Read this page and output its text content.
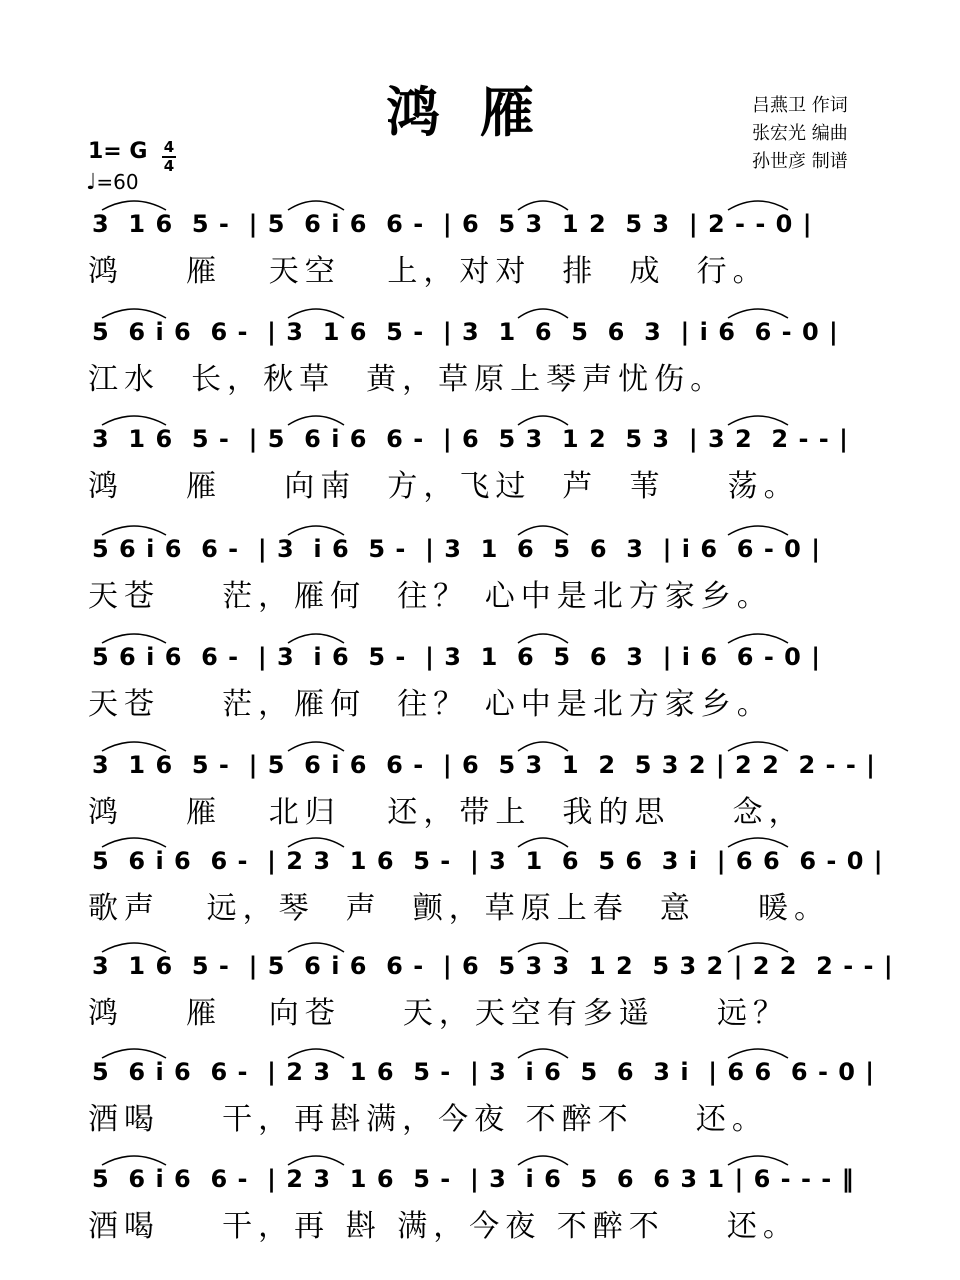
鸿雁	吕燕卫 作词
张宏光 编曲
孙世彦 制谱
1= G 4
4
♩=60
3  1 6  5 -  | 5  6 i 6  6 -  | 6  5 3  1 2  5 3  | 2 - - 0 |
鸿    雁   天空   上，对对  排  成  行。
5  6 i 6  6 -  | 3  1 6  5 -  | 3  1  6  5  6  3  | i 6  6 - 0 |
江水  长，秋草  黄，草原上琴声忧伤。
3  1 6  5 -  | 5  6 i 6  6 -  | 6  5 3  1 2  5 3  | 3 2  2 - - |
鸿    雁    向南  方，飞过  芦  苇    荡。
5 6 i 6  6 -  | 3  i 6  5 -  | 3  1  6  5  6  3  | i 6  6 - 0 |
天苍    茫，雁何  往？ 心中是北方家乡。
5 6 i 6  6 -  | 3  i 6  5 -  | 3  1  6  5  6  3  | i 6  6 - 0 |
天苍    茫，雁何  往？ 心中是北方家乡。
3  1 6  5 -  | 5  6 i 6  6 -  | 6  5 3  1  2  5 3 2 | 2 2  2 - - |
鸿    雁   北归   还，带上  我的思    念，
5  6 i 6  6 -  | 2 3  1 6  5 -  | 3  1  6  5 6  3 i  | 6 6  6 - 0 |
歌声   远，琴  声  颤，草原上春  意    暖。
3  1 6  5 -  | 5  6 i 6  6 -  | 6  5 3 3  1 2  5 3 2 | 2 2  2 - - |
鸿    雁   向苍    天，天空有多遥    远？
5  6 i 6  6 -  | 2 3  1 6  5 -  | 3  i 6  5  6  3 i  | 6 6  6 - 0 |
酒喝    干，再斟满，今夜 不醉不    还。
5  6 i 6  6 -  | 2 3  1 6  5 -  | 3  i 6  5  6  6 3 1 | 6 - - - ‖
酒喝    干，再 斟 满，今夜 不醉不    还。
